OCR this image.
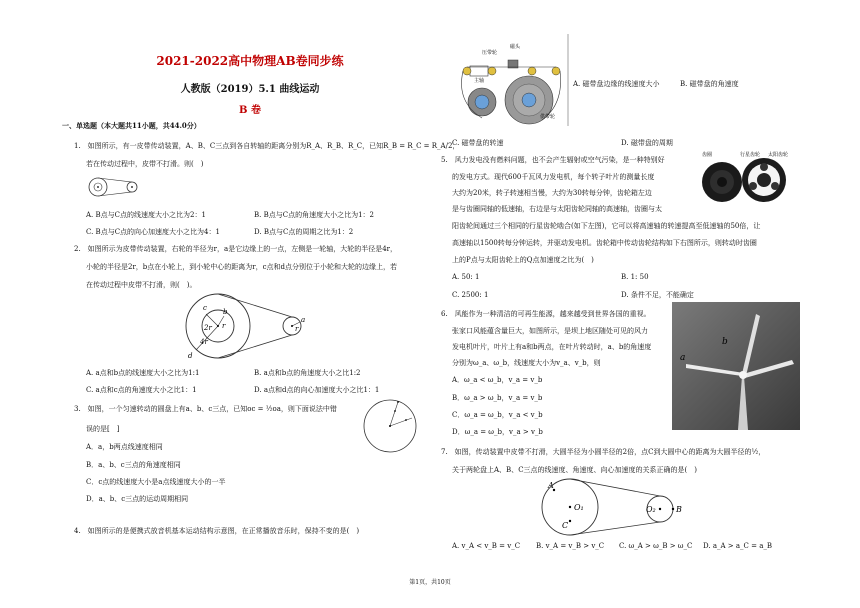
2021-2022高中物理AB卷同步练
人教版（2019）5.1 曲线运动
B 卷
一、单选题（本大题共11小题，共44.0分）
1.　如图所示，有一皮带传动装置，A、B、C三点到各自转轴的距离分别为R_A、R_B、R_C，已知R_B = R_C = R_A/2，
若在传动过程中，皮带不打滑。则(　)
A. B点与C点的线速度大小之比为2：1	B. B点与C点的角速度大小之比为1：2
C. B点与C点的向心加速度大小之比为4：1	D. B点与C点的周期之比为1：2
2.　如图所示为皮带传动装置，右轮的半径为r，a是它边缘上的一点，左侧是一轮轴，大轮的半径是4r，
小轮的半径是2r，b点在小轮上，到小轮中心的距离为r，c点和d点分别位于小轮和大轮的边缘上，若
在传动过程中皮带不打滑，则(　)。
c b
2r r
4r
d
a
r
A. a点和b点的线速度大小之比为1:1	B. a点和b点的角速度大小之比1:2
C. a点和c点的角速度大小之比1：1	D. a点和d点的向心加速度大小之比1：1
3.　如图，一个匀速转动的圆盘上有a、b、c三点，已知oc = ½oa，则下面说法中错
误的是[　]
A．a，b两点线速度相同
B．a、b、c三点的角速度相同
C．c点的线速度大小是a点线速度大小的一半
D．a、b、c三点的运动周期相同
4.　如图所示的是便携式放音机基本运动结构示意图，在正常播放音乐时，保持不变的是(　)
压带轮
磁头
主轴
供带轮
A. 磁带盘边缘的线速度大小	B. 磁带盘的角速度
C. 磁带盘的转速	D. 磁带盘的周期
5.　风力发电没有燃料问题，也不会产生辐射或空气污染，是一种特别好
的发电方式。现代600千瓦风力发电机，每个转子叶片的测量长度
大约为20米，转子转速相当慢，大约为30转每分钟，齿轮箱左边
是与齿圈同轴的低速轴，右边是与太阳齿轮同轴的高速轴，齿圈与太
阳齿轮间通过三个相同的行星齿轮啮合(如下左图)，它可以将高速轴的转速提高至低速轴的50倍，让
高速轴以1500转每分钟运转，并驱动发电机。齿轮箱中传动齿轮结构如下右图所示，则转动时齿圈
上的P点与太阳齿轮上的Q点加速度之比为(　)
齿圈	行星齿轮 太阳齿轮
A. 50: 1	B. 1: 50
C. 2500: 1	D. 条件不足，不能确定
6.　风能作为一种清洁的可再生能源，越来越受到世界各国的重视。
张家口风能蕴含量巨大，如图所示，是坝上地区随处可见的风力
发电机叶片，叶片上有a和b两点，在叶片转动时，a、b的角速度
分别为ω_a、ω_b，线速度大小为v_a、v_b，则
b
a
A．ω_a < ω_b，v_a = v_b
B．ω_a > ω_b，v_a = v_b
C．ω_a = ω_b，v_a < v_b
D．ω_a = ω_b，v_a > v_b
7.　如图，传动装置中皮带不打滑，大圆半径为小圆半径的2倍，点C到大圆中心的距离为大圆半径的½，
关于两轮盘上A、B、C三点的线速度、角速度、向心加速度的关系正确的是(　)
A
O₁
C
O₂	B
A. v_A < v_B = v_C B. v_A = v_B > v_C C. ω_A > ω_B > ω_C D. a_A > a_C = a_B
第1页，共10页
